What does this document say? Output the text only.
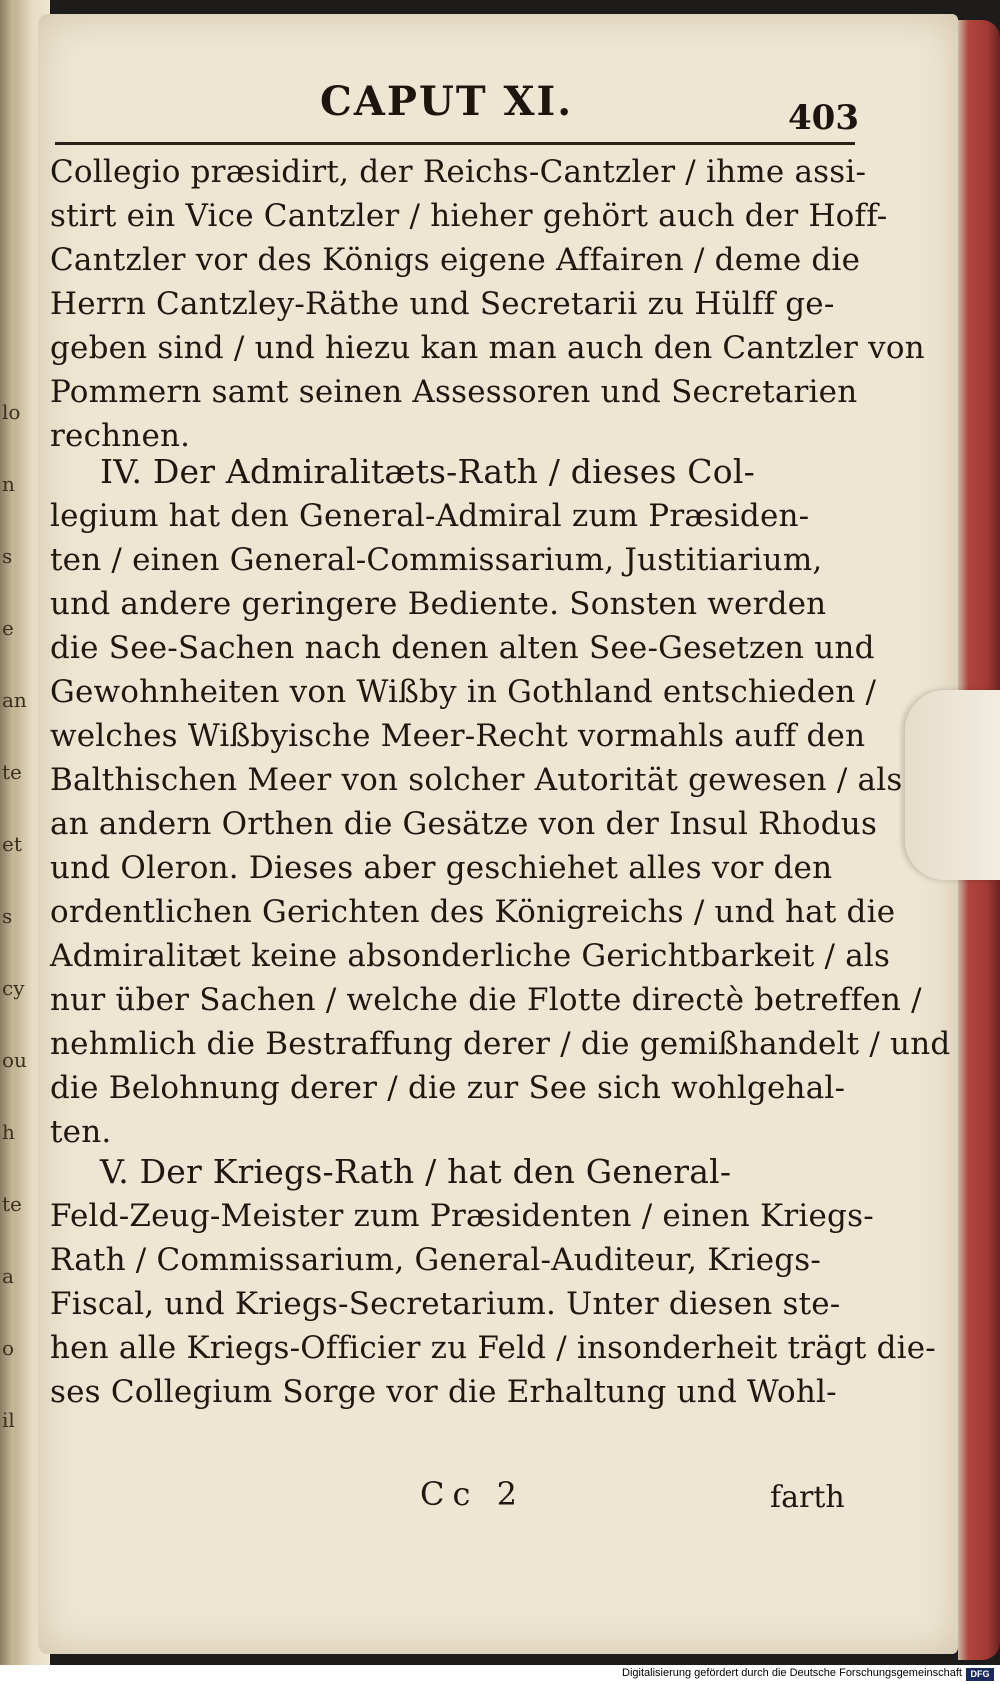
lo
n
s
e
an
te
et
s
cy
ou
h
te
a
o
il
CAPUT XI.	403
Collegio præsidirt, der Reichs-Cantzler / ihme assi-
stirt ein Vice Cantzler / hieher gehört auch der Hoff-
Cantzler vor des Königs eigene Affairen / deme die
Herrn Cantzley-Räthe und Secretarii zu Hülff ge-
geben sind / und hiezu kan man auch den Cantzler von
Pommern samt seinen Assessoren und Secretarien
rechnen.
IV. Der Admiralitæts-Rath / dieses Col-
legium hat den General-Admiral zum Præsiden-
ten / einen General-Commissarium, Justitiarium,
und andere geringere Bediente. Sonsten werden
die See-Sachen nach denen alten See-Gesetzen und
Gewohnheiten von Wißby in Gothland entschieden /
welches Wißbyische Meer-Recht vormahls auff den
Balthischen Meer von solcher Autorität gewesen / als
an andern Orthen die Gesätze von der Insul Rhodus
und Oleron. Dieses aber geschiehet alles vor den
ordentlichen Gerichten des Königreichs / und hat die
Admiralitæt keine absonderliche Gerichtbarkeit / als
nur über Sachen / welche die Flotte directè betreffen /
nehmlich die Bestraffung derer / die gemißhandelt / und
die Belohnung derer / die zur See sich wohlgehal-
ten.
V. Der Kriegs-Rath / hat den General-
Feld-Zeug-Meister zum Præsidenten / einen Kriegs-
Rath / Commissarium, General-Auditeur, Kriegs-
Fiscal, und Kriegs-Secretarium. Unter diesen ste-
hen alle Kriegs-Officier zu Feld / insonderheit trägt die-
ses Collegium Sorge vor die Erhaltung und Wohl-
Cc 2	farth
Digitalisierung gefördert durch die Deutsche Forschungsgemeinschaft DFG
